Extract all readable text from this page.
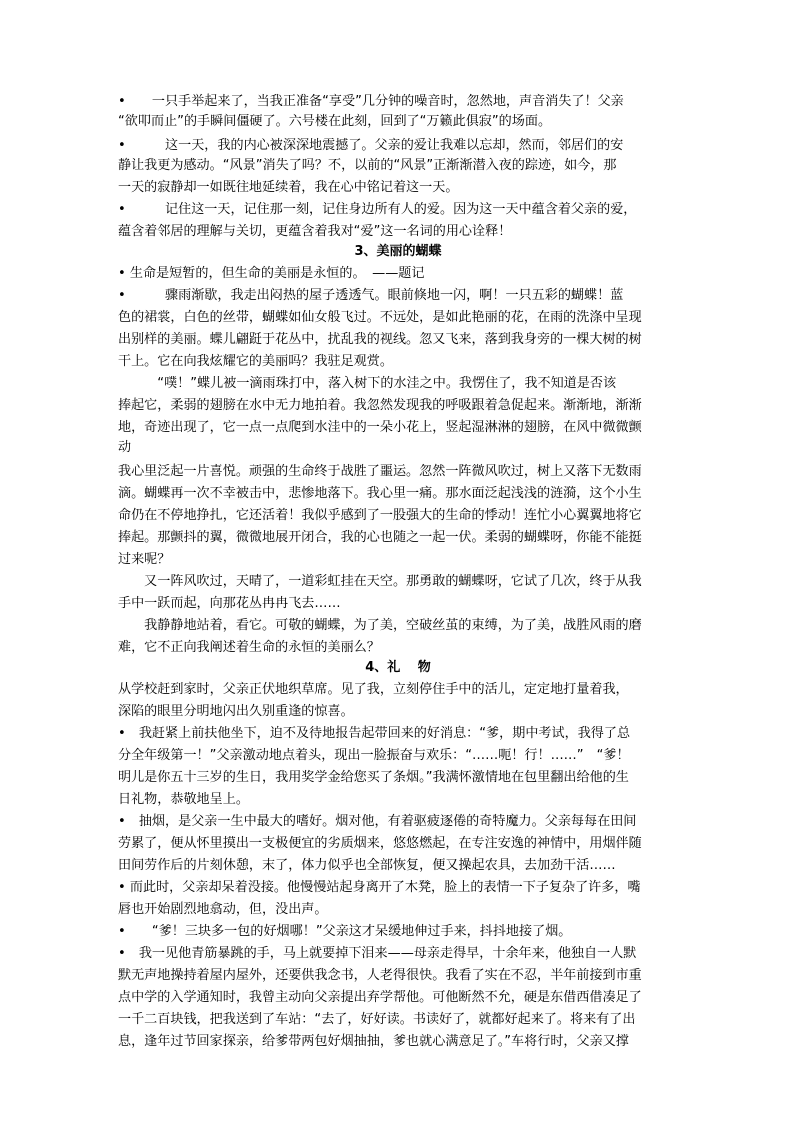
•　　一只手举起来了，当我正准备“享受”几分钟的噪音时，忽然地，声音消失了！父亲
“欲叩而止”的手瞬间僵硬了。六号楼在此刻，回到了“万籁此俱寂”的场面。
•　　　这一天，我的内心被深深地震撼了。父亲的爱让我难以忘却，然而，邻居们的安
静让我更为感动。“风景”消失了吗？不，以前的“风景”正渐渐潜入夜的踪迹，如今，那
一天的寂静却一如既往地延续着，我在心中铭记着这一天。
•　　　记住这一天，记住那一刻，记住身边所有人的爱。因为这一天中蕴含着父亲的爱，
蕴含着邻居的理解与关切，更蕴含着我对“爱”这一名词的用心诠释！
3、美丽的蝴蝶
• 生命是短暂的，但生命的美丽是永恒的。　——题记
•　　　骤雨渐歇，我走出闷热的屋子透透气。眼前倏地一闪，啊！一只五彩的蝴蝶！蓝
色的裙裳，白色的丝带，蝴蝶如仙女般飞过。不远处，是如此艳丽的花，在雨的洗涤中呈现
出别样的美丽。蝶儿翩跹于花丛中，扰乱我的视线。忽又飞来，落到我身旁的一棵大树的树
干上。它在向我炫耀它的美丽吗？我驻足观赏。
　　　“噗！”蝶儿被一滴雨珠打中，落入树下的水洼之中。我愣住了，我不知道是否该
捧起它，柔弱的翅膀在水中无力地拍着。我忽然发现我的呼吸跟着急促起来。渐渐地，渐渐
地，奇迹出现了，它一点一点爬到水洼中的一朵小花上，竖起湿淋淋的翅膀，在风中微微颤
动
我心里泛起一片喜悦。顽强的生命终于战胜了噩运。忽然一阵微风吹过，树上又落下无数雨
滴。蝴蝶再一次不幸被击中，悲惨地落下。我心里一痛。那水面泛起浅浅的涟漪，这个小生
命仍在不停地挣扎，它还活着！我似乎感到了一股强大的生命的悸动！连忙小心翼翼地将它
捧起。那颤抖的翼，微微地展开闭合，我的心也随之一起一伏。柔弱的蝴蝶呀，你能不能挺
过来呢？
　　又一阵风吹过，天晴了，一道彩虹挂在天空。那勇敢的蝴蝶呀，它试了几次，终于从我
手中一跃而起，向那花丛冉冉飞去……
　　我静静地站着，看它。可敬的蝴蝶，为了美，空破丝茧的束缚，为了美，战胜风雨的磨
难，它不正向我阐述着生命的永恒的美丽么？
4、礼　 物
从学校赶到家时，父亲正伏地织草席。见了我，立刻停住手中的活儿，定定地打量着我，
深陷的眼里分明地闪出久别重逢的惊喜。
•　我赶紧上前扶他坐下，迫不及待地报告起带回来的好消息：“爹，期中考试，我得了总
分全年级第一！”父亲激动地点着头，现出一脸振奋与欢乐：“……呃！行！……”　“爹！
明儿是你五十三岁的生日，我用奖学金给您买了条烟。”我满怀激情地在包里翻出给他的生
日礼物，恭敬地呈上。
•　抽烟，是父亲一生中最大的嗜好。烟对他，有着驱疲逐倦的奇特魔力。父亲每每在田间
劳累了，便从怀里摸出一支极便宜的劣质烟来，悠悠燃起，在专注安逸的神情中，用烟伴随
田间劳作后的片刻休憩，末了，体力似乎也全部恢复，便又操起农具，去加劲干活……
• 而此时，父亲却呆着没接。他慢慢站起身离开了木凳，脸上的表情一下子复杂了许多，嘴
唇也开始剧烈地翕动，但，没出声。
•　　“爹！三块多一包的好烟哪！”父亲这才呆缓地伸过手来，抖抖地接了烟。
•　我一见他青筋暴跳的手，马上就要掉下泪来——母亲走得早，十余年来，他独自一人默
默无声地操持着屋内屋外，还要供我念书，人老得很快。我看了实在不忍，半年前接到市重
点中学的入学通知时，我曾主动向父亲提出弃学帮他。可他断然不允，硬是东借西借凑足了
一千二百块钱，把我送到了车站：“去了，好好读。书读好了，就都好起来了。将来有了出
息，逢年过节回家探亲，给爹带两包好烟抽抽，爹也就心满意足了。”车将行时，父亲又撑
